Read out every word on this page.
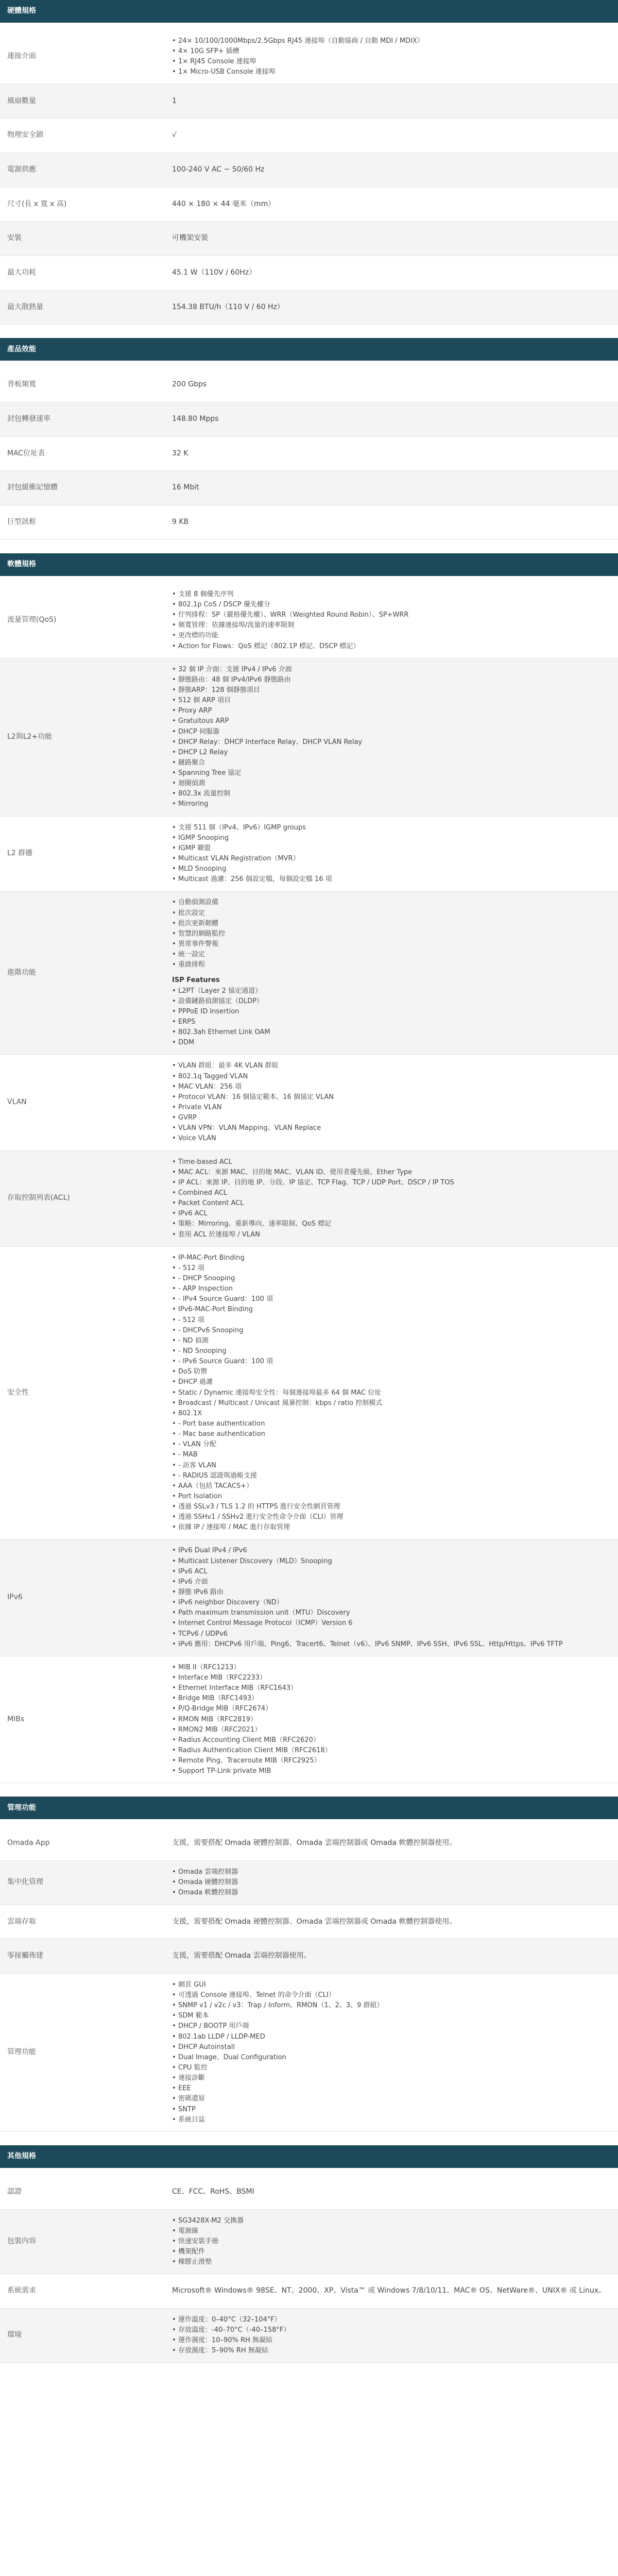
硬體規格
連接介面
• 24× 10/100/1000Mbps/2.5Gbps RJ45 連接埠（自動協商 / 自動 MDI / MDIX）
• 4× 10G SFP+ 插槽
• 1× RJ45 Console 連接埠
• 1× Micro-USB Console 連接埠
風扇數量	1
物理安全鎖	√
電源供應	100-240 V AC ~ 50/60 Hz
尺寸(長 x 寬 x 高)	440 × 180 × 44 毫米（mm）
安裝	可機架安裝
最大功耗	45.1 W（110V / 60Hz）
最大散熱量	154.38 BTU/h（110 V / 60 Hz）
產品效能
背板頻寬	200 Gbps
封包轉發速率	148.80 Mpps
MAC位址表	32 K
封包緩衝記憶體	16 Mbit
巨型訊框	9 KB
軟體規格
流量管理(QoS)
• 支援 8 個優先序列
• 802.1p CoS / DSCP 優先權分
• 佇列排程：SP（嚴格優先權）、WRR（Weighted Round Robin）、SP+WRR
• 頻寬管理：依據連接埠/流量的速率限制
• 更改標的功能
• Action for Flows：QoS 標記（802.1P 標記、DSCP 標記）
L2與L2+功能
• 32 個 IP 介面：支援 IPv4 / IPv6 介面
• 靜態路由：48 個 IPv4/IPv6 靜態路由
• 靜態ARP：128 個靜態項目
• 512 個 ARP 項目
• Proxy ARP
• Gratuitous ARP
• DHCP 伺服器
• DHCP Relay：DHCP Interface Relay、DHCP VLAN Relay
• DHCP L2 Relay
• 鏈路聚合
• Spanning Tree 協定
• 迴圈偵測
• 802.3x 流量控制
• Mirroring
L2 群播
• 支援 511 個（IPv4、IPv6）IGMP groups
• IGMP Snooping
• IGMP 聯盟
• Multicast VLAN Registration（MVR）
• MLD Snooping
• Multicast 過濾：256 個設定檔，每個設定檔 16 項
進階功能
• 自動偵測設備
• 批次設定
• 批次更新韌體
• 智慧的網路監控
• 異常事件警報
• 統一設定
• 重啟排程
ISP Features
• L2PT（Layer 2 協定通道）
• 設備鏈路偵測協定（DLDP）
• PPPoE ID Insertion
• ERPS
• 802.3ah Ethernet Link OAM
• DDM
VLAN
• VLAN 群組：最多 4K VLAN 群組
• 802.1q Tagged VLAN
• MAC VLAN：256 項
• Protocol VLAN：16 個協定範本、16 個協定 VLAN
• Private VLAN
• GVRP
• VLAN VPN：VLAN Mapping、VLAN Replace
• Voice VLAN
存取控制列表(ACL)
• Time-based ACL
• MAC ACL：來源 MAC、目的地 MAC、VLAN ID、使用者優先級、Ether Type
• IP ACL：來源 IP、目的地 IP、分段、IP 協定、TCP Flag、TCP / UDP Port、DSCP / IP TOS
• Combined ACL
• Packet Content ACL
• IPv6 ACL
• 策略：Mirroring、重新導向、速率限制、QoS 標記
• 套用 ACL 於連接埠 / VLAN
安全性
• IP-MAC-Port Binding
• - 512 項
• - DHCP Snooping
• - ARP Inspection
• - IPv4 Source Guard：100 項
• IPv6-MAC-Port Binding
• - 512 項
• - DHCPv6 Snooping
• - ND 偵測
• - ND Snooping
• - IPv6 Source Guard：100 項
• DoS 防禦
• DHCP 過濾
• Static / Dynamic 連接埠安全性：每個連接埠最多 64 個 MAC 位址
• Broadcast / Multicast / Unicast 風暴控制：kbps / ratio 控制模式
• 802.1X
• - Port base authentication
• - Mac base authentication
• - VLAN 分配
• - MAB
• - 訪客 VLAN
• - RADIUS 認證與過帳支援
• AAA（包括 TACACS+）
• Port Isolation
• 透過 SSLv3 / TLS 1.2 的 HTTPS 進行安全性網頁管理
• 透過 SSHv1 / SSHv2 進行安全性命令介面（CLI）管理
• 依據 IP / 連接埠 / MAC 進行存取管理
IPv6
• IPv6 Dual IPv4 / IPv6
• Multicast Listener Discovery（MLD）Snooping
• IPv6 ACL
• IPv6 介面
• 靜態 IPv6 路由
• IPv6 neighbor Discovery（ND）
• Path maximum transmission unit（MTU）Discovery
• Internet Control Message Protocol（ICMP）Version 6
• TCPv6 / UDPv6
• IPv6 應用：DHCPv6 用戶端、Ping6、Tracert6、Telnet（v6）、IPv6 SNMP、IPv6 SSH、IPv6 SSL、Http/Https、IPv6 TFTP
MIBs
• MIB II（RFC1213）
• Interface MIB（RFC2233）
• Ethernet Interface MIB（RFC1643）
• Bridge MIB（RFC1493）
• P/Q-Bridge MIB（RFC2674）
• RMON MIB（RFC2819）
• RMON2 MIB（RFC2021）
• Radius Accounting Client MIB（RFC2620）
• Radius Authentication Client MIB（RFC2618）
• Remote Ping、Traceroute MIB（RFC2925）
• Support TP-Link private MIB
管理功能
Omada App	支援，需要搭配 Omada 硬體控制器、Omada 雲端控制器或 Omada 軟體控制器使用。
集中化管理
• Omada 雲端控制器
• Omada 硬體控制器
• Omada 軟體控制器
雲端存取	支援，需要搭配 Omada 硬體控制器、Omada 雲端控制器或 Omada 軟體控制器使用。
零接觸佈建	支援，需要搭配 Omada 雲端控制器使用。
管理功能
• 網頁 GUI
• 可透過 Console 連接埠、Telnet 的命令介面（CLI）
• SNMP v1 / v2c / v3：Trap / Inform、RMON（1、2、3、9 群組）
• SDM 範本
• DHCP / BOOTP 用戶端
• 802.1ab LLDP / LLDP-MED
• DHCP Autoinstall
• Dual Image、Dual Configuration
• CPU 監控
• 連接診斷
• EEE
• 密碼還原
• SNTP
• 系統日誌
其他規格
認證	CE、FCC、RoHS、BSMI
包裝內容
• SG3428X-M2 交換器
• 電源線
• 快速安裝手冊
• 機架配件
• 橡膠止滑墊
系統需求	Microsoft® Windows® 98SE、NT、2000、XP、Vista™ 或 Windows 7/8/10/11、MAC® OS、NetWare®、UNIX® 或 Linux。
環境
• 運作溫度：0–40°C（32–104°F）
• 存放溫度：-40–70°C（-40–158°F）
• 運作濕度：10–90% RH 無凝結
• 存放濕度：5–90% RH 無凝結
